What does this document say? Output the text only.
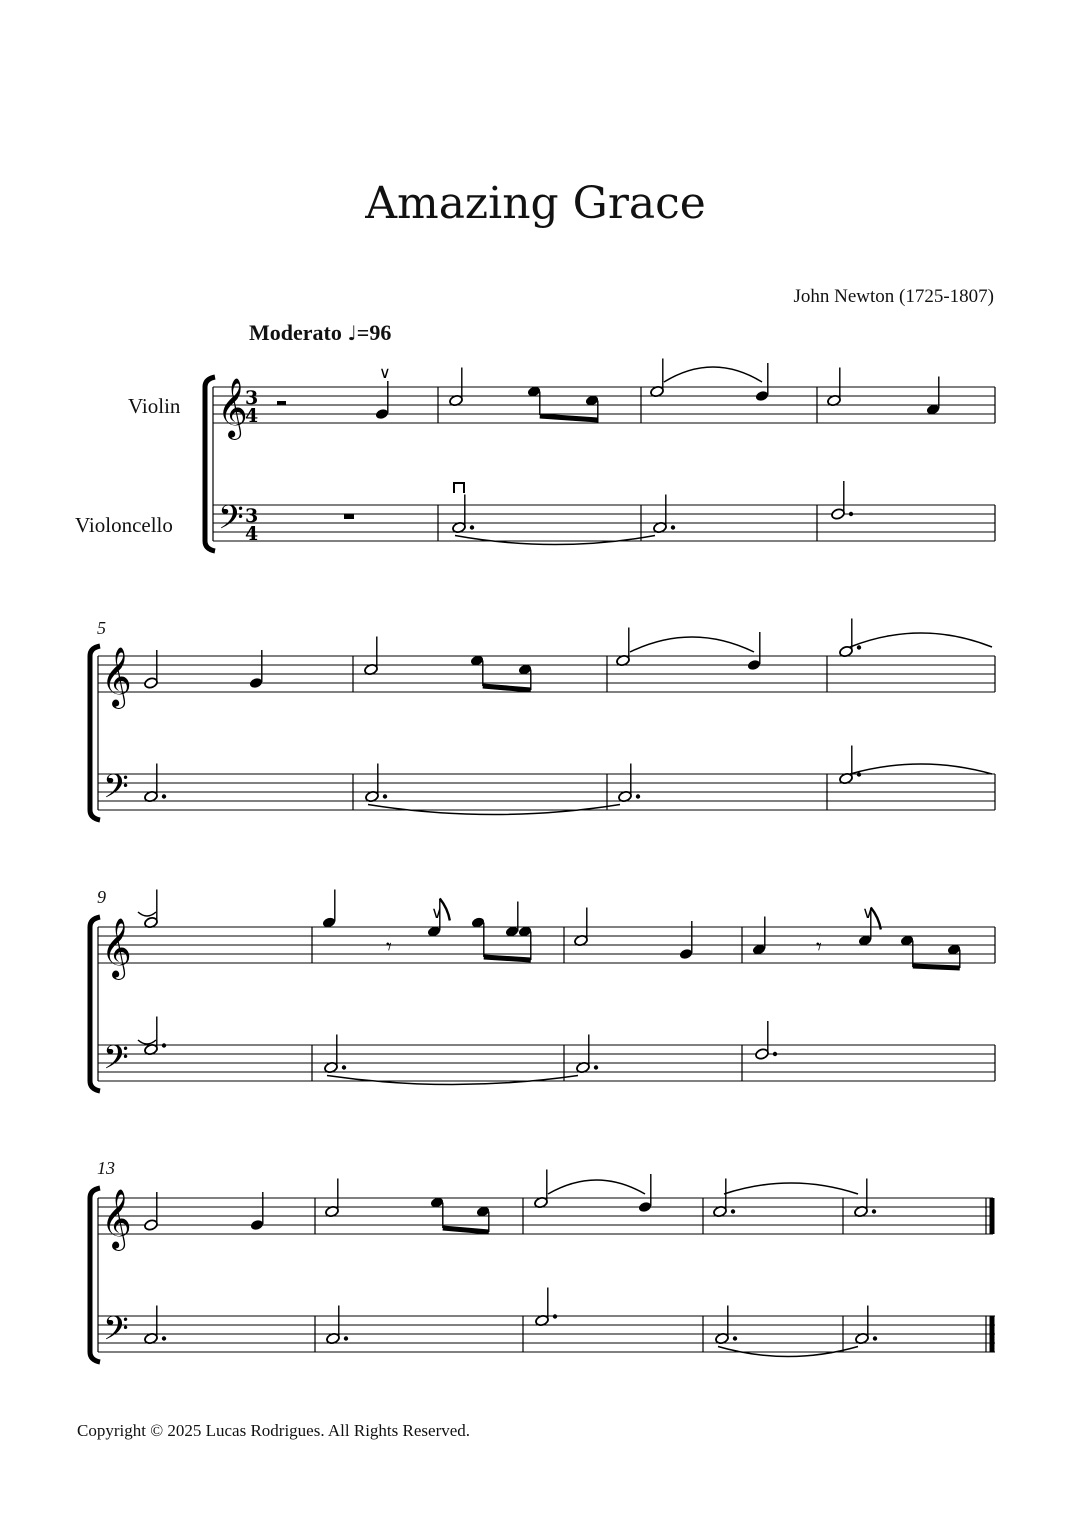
Amazing Grace
John Newton (1725-1807)
Moderato ♩=96
Violin
Violoncello
5
9
13
Copyright © 2025 Lucas Rodrigues. All Rights Reserved.
𝄞
𝄢
3
4
3
4
∨
𝄞
𝄢
𝄞
𝄢
𝄾
∨
𝄾
∨
𝄞
𝄢
